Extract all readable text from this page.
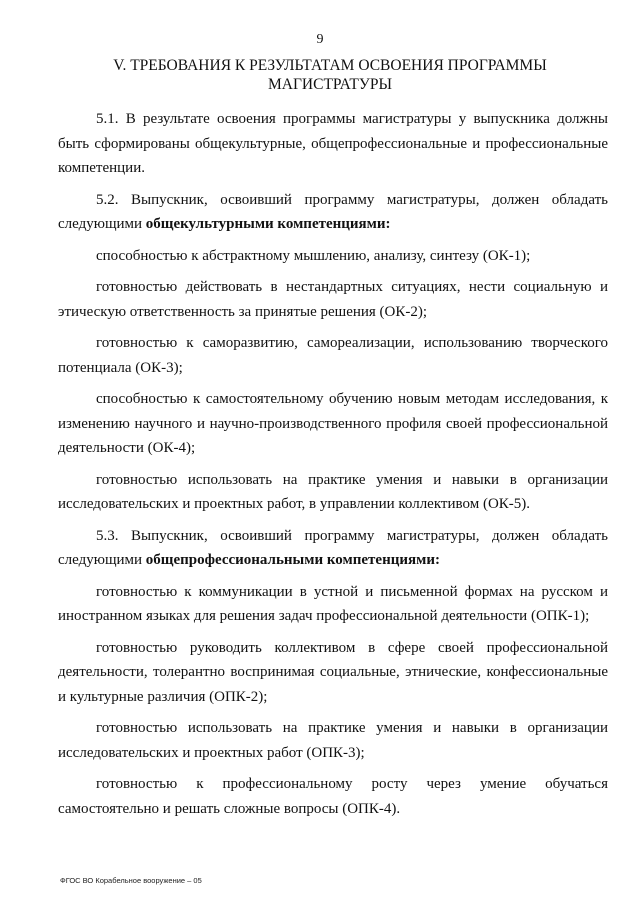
9
V. ТРЕБОВАНИЯ К РЕЗУЛЬТАТАМ ОСВОЕНИЯ ПРОГРАММЫ
МАГИСТРАТУРЫ

5.1. В результате освоения программы магистратуры у выпускника должны быть сформированы общекультурные, общепрофессиональные и профессиональные компетенции.

5.2. Выпускник, освоивший программу магистратуры, должен обладать следующими общекультурными компетенциями:

способностью к абстрактному мышлению, анализу, синтезу (ОК-1);

готовностью действовать в нестандартных ситуациях, нести социальную и этическую ответственность за принятые решения (ОК-2);

готовностью к саморазвитию, самореализации, использованию творческого потенциала (ОК-3);

способностью к самостоятельному обучению новым методам исследования, к изменению научного и научно-производственного профиля своей профессиональной деятельности (ОК-4);

готовностью использовать на практике умения и навыки в организации исследовательских и проектных работ, в управлении коллективом (ОК-5).

5.3. Выпускник, освоивший программу магистратуры, должен обладать следующими общепрофессиональными компетенциями:

готовностью к коммуникации в устной и письменной формах на русском и иностранном языках для решения задач профессиональной деятельности (ОПК-1);

готовностью руководить коллективом в сфере своей профессиональной деятельности, толерантно воспринимая социальные, этнические, конфессиональные и культурные различия (ОПК-2);

готовностью использовать на практике умения и навыки в организации исследовательских и проектных работ (ОПК-3);

готовностью к профессиональному росту через умение обучаться самостоятельно и решать сложные вопросы (ОПК-4).

ФГОС ВО Корабельное вооружение – 05
